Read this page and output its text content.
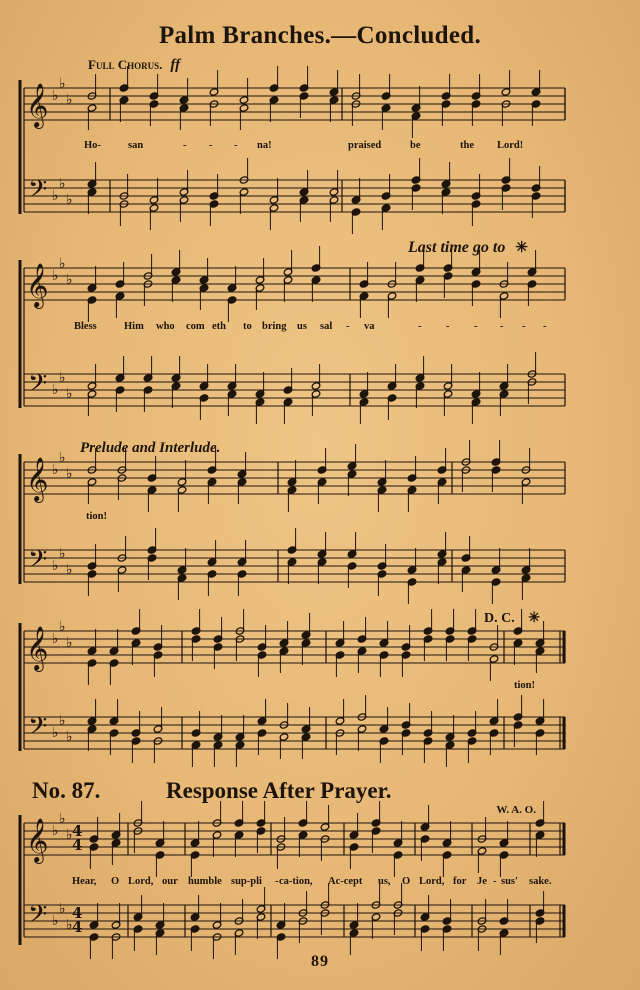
𝄞
𝄢
♭
♭
♭
♭
♭
♭
𝄞
𝄢
♭
♭
♭
♭
♭
♭
𝄞
𝄢
♭
♭
♭
♭
♭
♭
𝄞
𝄢
♭
♭
♭
♭
♭
♭
𝄞
𝄢
♭
♭
♭
♭
♭
♭
4
4
4
4
Palm Branches.—Concluded.
Full Chorus. ff
Ho-	san	- - - na!	praised	be	the Lord!
Last time go to ✳
Bless	Him who com eth to bring us sal - va	- - - - - -
Prelude and Interlude.
tion!
D. C. ✳
tion!
No. 87.	Response After Prayer.
W. A. O.
Hear, O Lord, our humble sup-pli - ca-tion, Ac-cept us, O Lord, for Je - sus' sake.
89
